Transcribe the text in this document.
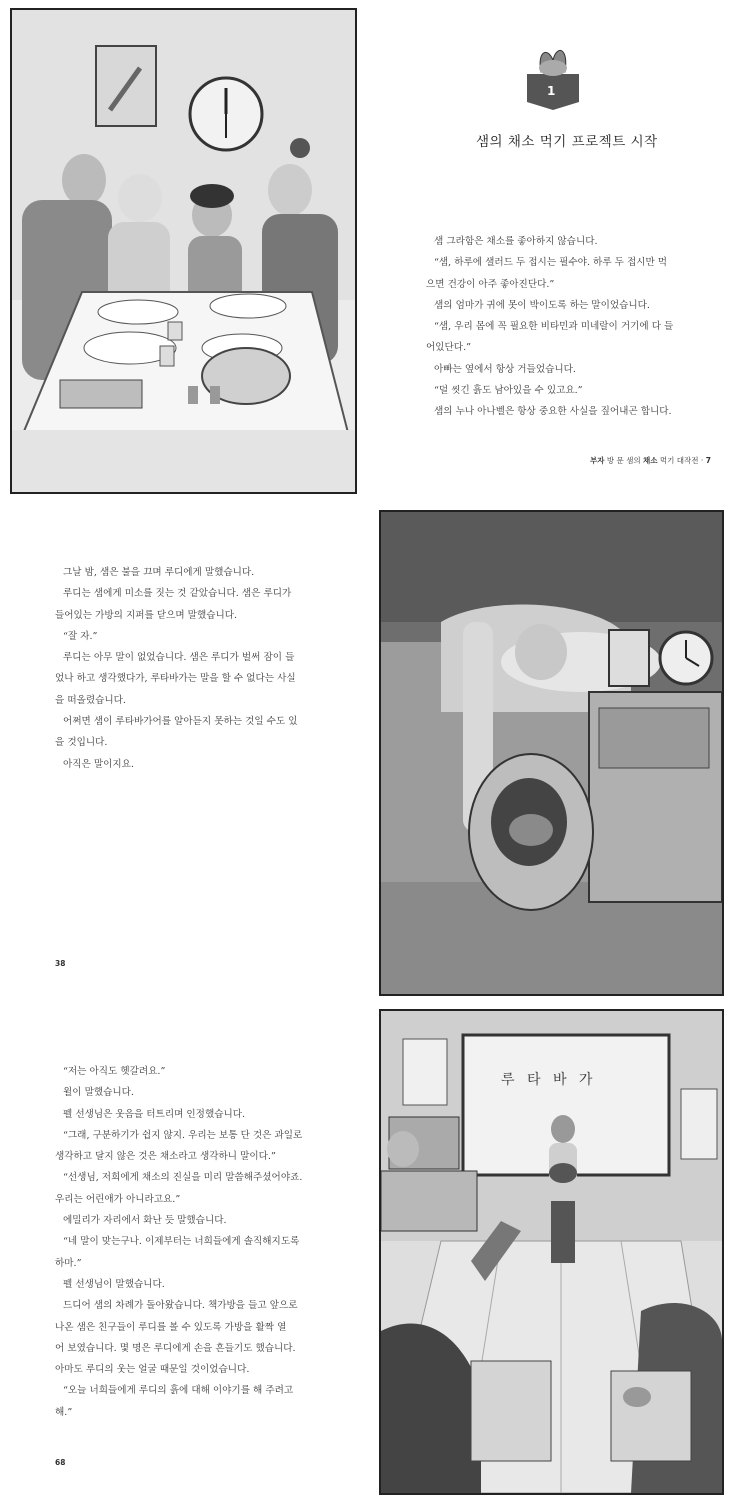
1
샘의 채소 먹기 프로젝트 시작

샘 그라함은 채소를 좋아하지 않습니다.

“샘, 하루에 샐러드 두 접시는 필수야. 하루 두 접시만 먹

으면 건강이 아주 좋아진단다.”

샘의 엄마가 귀에 못이 박이도록 하는 말이었습니다.

“샘, 우리 몸에 꼭 필요한 비타민과 미네랄이 거기에 다 들

어있단다.”

아빠는 옆에서 항상 거들었습니다.

“덜 씻긴 흙도 남아있을 수 있고요.”

샘의 누나 아나벨은 항상 중요한 사실을 짚어내곤 합니다.

부자 방 문 샘의 채소 먹기 대작전 · 7

그날 밤, 샘은 불을 끄며 루디에게 말했습니다.

루디는 샘에게 미소를 짓는 것 같았습니다. 샘은 루디가

들어있는 가방의 지퍼를 닫으며 말했습니다.

“잘 자.”

루디는 아무 말이 없었습니다. 샘은 루디가 벌써 잠이 들

었나 하고 생각했다가, 루타바가는 말을 할 수 없다는 사실

을 떠올렸습니다.

어쩌면 샘이 루타바가어를 알아듣지 못하는 것일 수도 있

을 것입니다.

아직은 말이지요.

38

“저는 아직도 헷갈려요.”

윌이 말했습니다.

펠 선생님은 웃음을 터트리며 인정했습니다.

“그래, 구분하기가 쉽지 않지. 우리는 보통 단 것은 과일로

생각하고 달지 않은 것은 채소라고 생각하니 말이다.”

“선생님, 저희에게 채소의 진실을 미리 말씀해주셨어야죠.

우리는 어린애가 아니라고요.”

에밀리가 자리에서 화난 듯 말했습니다.

“네 말이 맞는구나. 이제부터는 너희들에게 솔직해지도록

하마.”

펠 선생님이 말했습니다.

드디어 샘의 차례가 돌아왔습니다. 책가방을 들고 앞으로

나온 샘은 친구들이 루디를 볼 수 있도록 가방을 활짝 열

어 보였습니다. 몇 명은 루디에게 손을 흔들기도 했습니다.

아마도 루디의 웃는 얼굴 때문일 것이었습니다.

“오늘 너희들에게 루디의 흙에 대해 이야기를 해 주려고

해.”

68
루 타 바 가
